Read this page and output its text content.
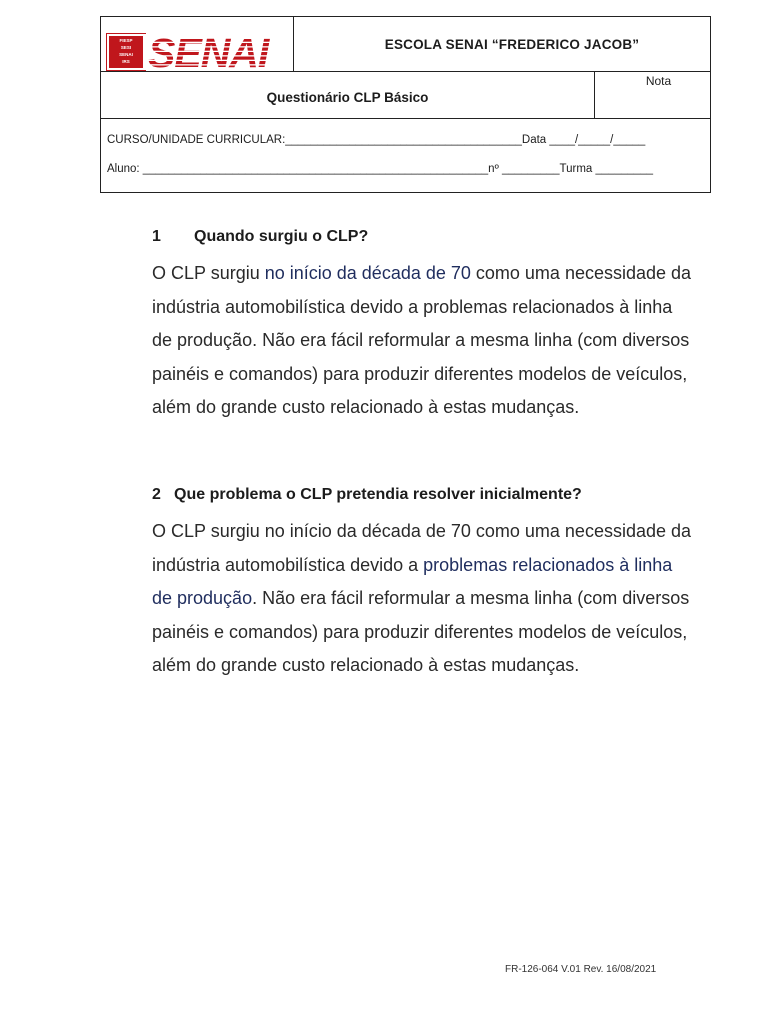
FIESP
SESI
SENAI
IRS
ESCOLA SENAI “FREDERICO JACOB”
Questionário CLP Básico
Nota
CURSO/UNIDADE CURRICULAR:_____________________________________Data ____/_____/_____
Aluno: ______________________________________________________nº _________Turma _________

1 Quando surgiu o CLP?

O CLP surgiu no início da década de 70 como uma necessidade da indústria automobilística devido a problemas relacionados à linha de produção. Não era fácil reformular a mesma linha (com diversos painéis e comandos) para produzir diferentes modelos de veículos, além do grande custo relacionado à estas mudanças.

2 Que problema o CLP pretendia resolver inicialmente?

O CLP surgiu no início da década de 70 como uma necessidade da indústria automobilística devido a problemas relacionados à linha de produção. Não era fácil reformular a mesma linha (com diversos painéis e comandos) para produzir diferentes modelos de veículos, além do grande custo relacionado à estas mudanças.

FR-126-064 V.01 Rev. 16/08/2021
